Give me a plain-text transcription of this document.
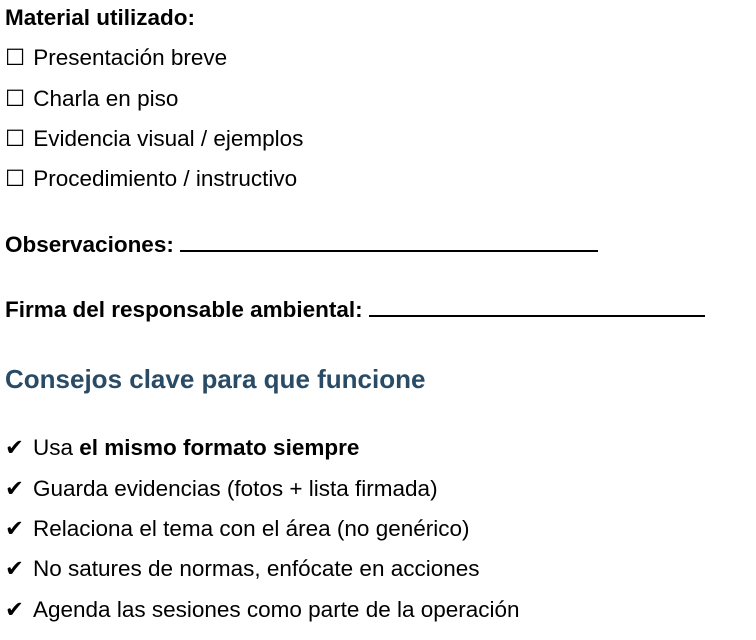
Material utilizado:
☐ Presentación breve
☐ Charla en piso
☐ Evidencia visual / ejemplos
☐ Procedimiento / instructivo
Observaciones:
Firma del responsable ambiental:
Consejos clave para que funcione
✔ Usa el mismo formato siempre
✔ Guarda evidencias (fotos + lista firmada)
✔ Relaciona el tema con el área (no genérico)
✔ No satures de normas, enfócate en acciones
✔ Agenda las sesiones como parte de la operación
